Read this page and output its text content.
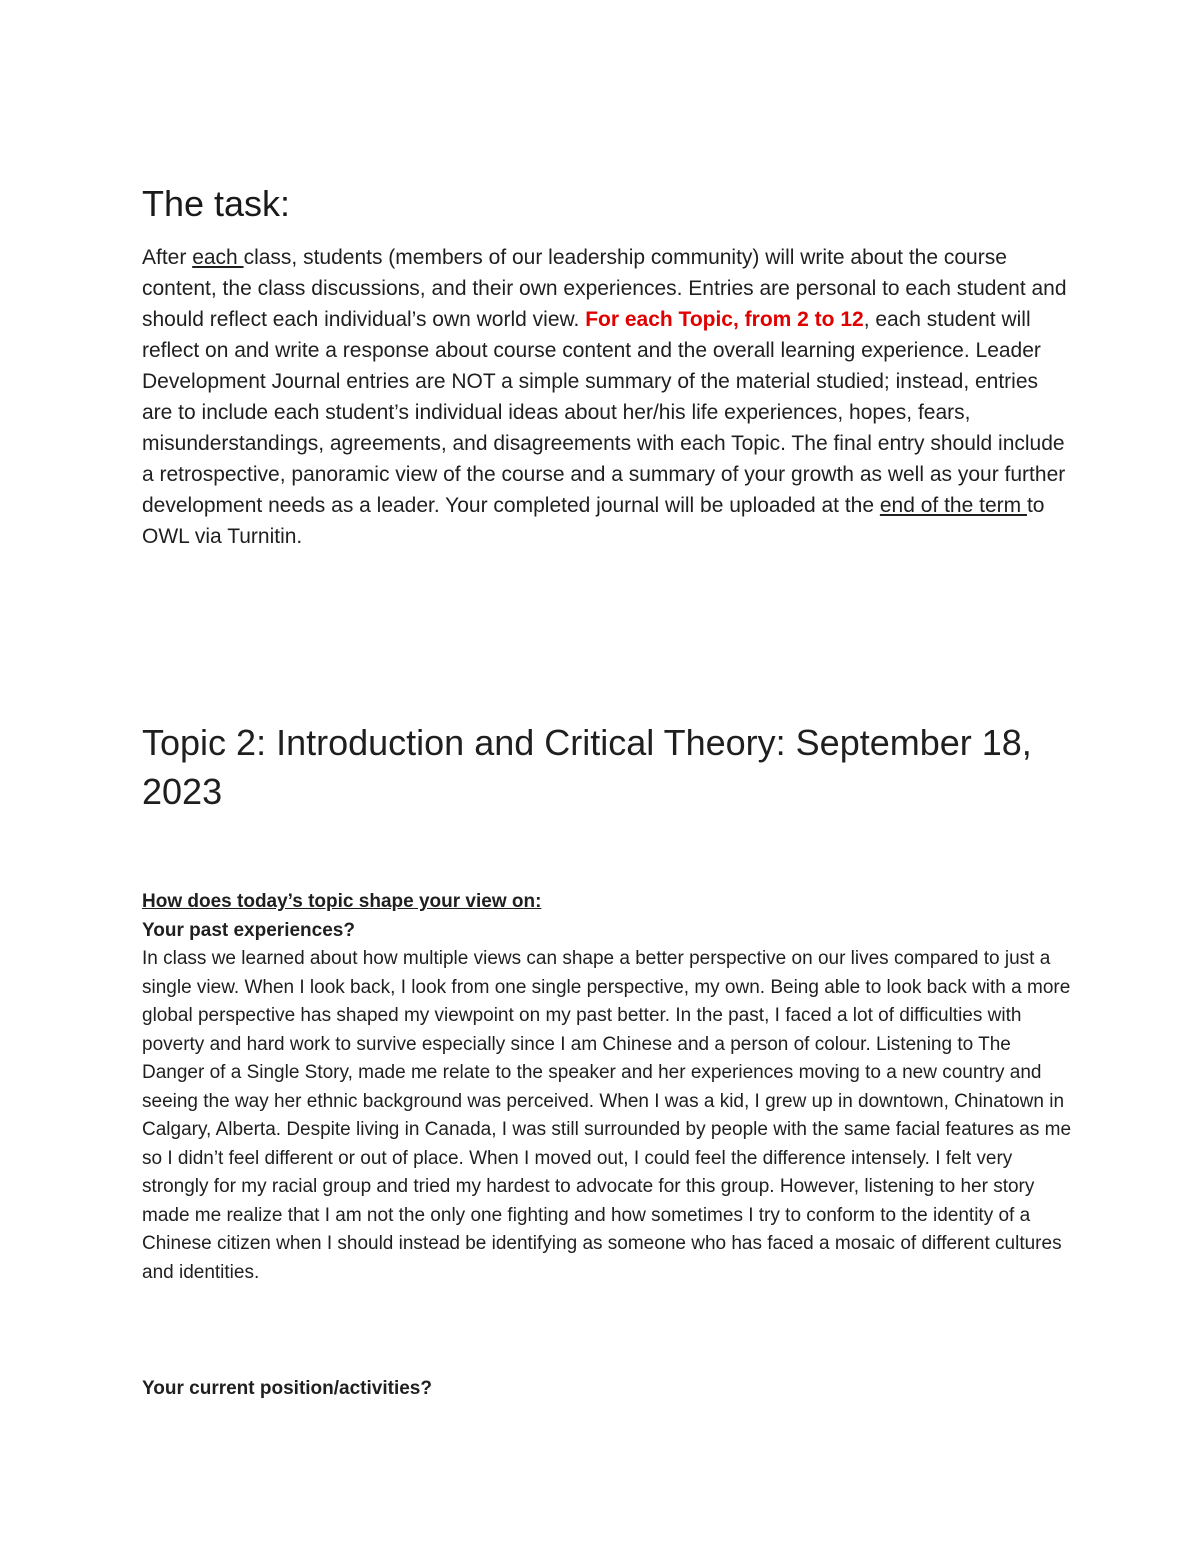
The task:

After each class, students (members of our leadership community) will write about the course content, the class discussions, and their own experiences. Entries are personal to each student and should reflect each individual’s own world view. For each Topic, from 2 to 12, each student will reflect on and write a response about course content and the overall learning experience. Leader Development Journal entries are NOT a simple summary of the material studied; instead, entries are to include each student’s individual ideas about her/his life experiences, hopes, fears, misunderstandings, agreements, and disagreements with each Topic. The final entry should include a retrospective, panoramic view of the course and a summary of your growth as well as your further development needs as a leader. Your completed journal will be uploaded at the end of the term to OWL via Turnitin.

Topic 2: Introduction and Critical Theory: September 18, 2023

How does today’s topic shape your view on:

Your past experiences?

In class we learned about how multiple views can shape a better perspective on our lives compared to just a single view. When I look back, I look from one single perspective, my own. Being able to look back with a more global perspective has shaped my viewpoint on my past better. In the past, I faced a lot of difficulties with poverty and hard work to survive especially since I am Chinese and a person of colour. Listening to The Danger of a Single Story, made me relate to the speaker and her experiences moving to a new country and seeing the way her ethnic background was perceived. When I was a kid, I grew up in downtown, Chinatown in Calgary, Alberta. Despite living in Canada, I was still surrounded by people with the same facial features as me so I didn’t feel different or out of place. When I moved out, I could feel the difference intensely. I felt very strongly for my racial group and tried my hardest to advocate for this group. However, listening to her story made me realize that I am not the only one fighting and how sometimes I try to conform to the identity of a Chinese citizen when I should instead be identifying as someone who has faced a mosaic of different cultures and identities.

Your current position/activities?
